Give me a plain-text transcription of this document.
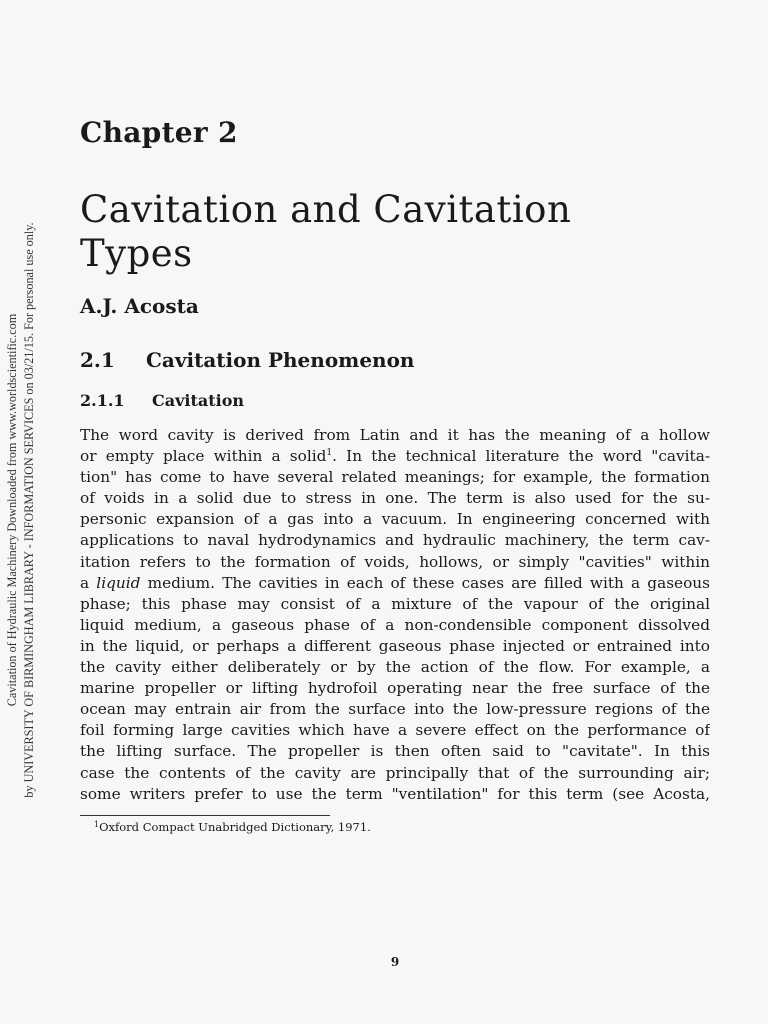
Cavitation of Hydraulic Machinery Downloaded from www.worldscientific.com by UNIVERSITY OF BIRMINGHAM LIBRARY - INFORMATION SERVICES on 03/21/15. For personal use only.
Chapter 2
Cavitation and Cavitation
Types
A.J. Acosta
2.1 Cavitation Phenomenon
2.1.1 Cavitation
The word cavity is derived from Latin and it has the meaning of a hollow
or empty place within a solid$^1$. In the technical literature the word "cavita-
tion" has come to have several related meanings; for example, the formation
of voids in a solid due to stress in one. The term is also used for the su-
personic expansion of a gas into a vacuum. In engineering concerned with
applications to naval hydrodynamics and hydraulic machinery, the term cav-
itation refers to the formation of voids, hollows, or simply "cavities" within
a liquid medium. The cavities in each of these cases are filled with a gaseous
phase; this phase may consist of a mixture of the vapour of the original
liquid medium, a gaseous phase of a non-condensible component dissolved
in the liquid, or perhaps a different gaseous phase injected or entrained into
the cavity either deliberately or by the action of the flow. For example, a
marine propeller or lifting hydrofoil operating near the free surface of the
ocean may entrain air from the surface into the low-pressure regions of the
foil forming large cavities which have a severe effect on the performance of
the lifting surface. The propeller is then often said to "cavitate". In this
case the contents of the cavity are principally that of the surrounding air;
some writers prefer to use the term "ventilation" for this term (see Acosta,
$^1$Oxford Compact Unabridged Dictionary, 1971.
9
